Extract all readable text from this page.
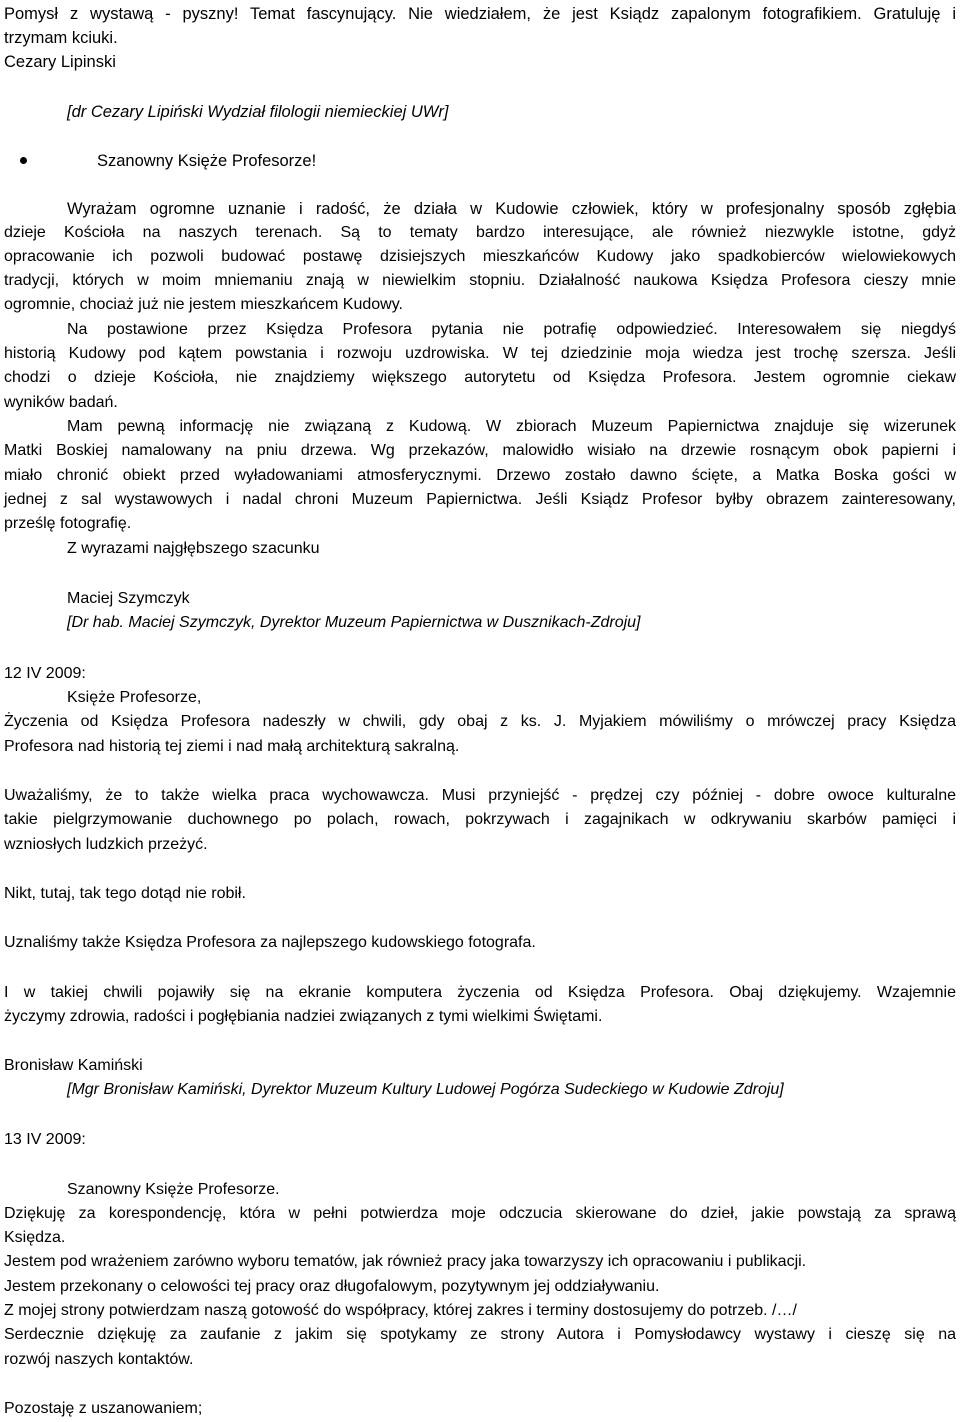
Pomysł z wystawą - pyszny! Temat fascynujący. Nie wiedziałem, że jest Ksiądz zapalonym fotografikiem. Gratuluję i
trzymam kciuki.
Cezary Lipinski
[dr Cezary Lipiński Wydział filologii niemieckiej UWr]
Szanowny Księże Profesorze!
Wyrażam ogromne uznanie i radość, że działa w Kudowie człowiek, który w profesjonalny sposób zgłębia
dzieje Kościoła na naszych terenach. Są to tematy bardzo interesujące, ale również niezwykle istotne, gdyż
opracowanie ich pozwoli budować postawę dzisiejszych mieszkańców Kudowy jako spadkobierców wielowiekowych
tradycji, których w moim mniemaniu znają w niewielkim stopniu. Działalność naukowa Księdza Profesora cieszy mnie
ogromnie, chociaż już nie jestem mieszkańcem Kudowy.
Na postawione przez Księdza Profesora pytania nie potrafię odpowiedzieć. Interesowałem się niegdyś
historią Kudowy pod kątem powstania i rozwoju uzdrowiska. W tej dziedzinie moja wiedza jest trochę szersza. Jeśli
chodzi o dzieje Kościoła, nie znajdziemy większego autorytetu od Księdza Profesora. Jestem ogromnie ciekaw
wyników badań.
Mam pewną informację nie związaną z Kudową. W zbiorach Muzeum Papiernictwa znajduje się wizerunek
Matki Boskiej namalowany na pniu drzewa. Wg przekazów, malowidło wisiało na drzewie rosnącym obok papierni i
miało chronić obiekt przed wyładowaniami atmosferycznymi. Drzewo zostało dawno ścięte, a Matka Boska gości w
jednej z sal wystawowych i nadal chroni Muzeum Papiernictwa. Jeśli Ksiądz Profesor byłby obrazem zainteresowany,
prześlę fotografię.
Z wyrazami najgłębszego szacunku
Maciej Szymczyk
[Dr hab. Maciej Szymczyk, Dyrektor Muzeum Papiernictwa w Dusznikach-Zdroju]
12 IV 2009:
Księże Profesorze,
Życzenia od Księdza Profesora nadeszły w chwili, gdy obaj z ks. J. Myjakiem mówiliśmy o mrówczej pracy Księdza
Profesora nad historią tej ziemi i nad małą architekturą sakralną.
Uważaliśmy, że to także wielka praca wychowawcza. Musi przyniejść - prędzej czy później - dobre owoce kulturalne
takie pielgrzymowanie duchownego po polach, rowach, pokrzywach i zagajnikach w odkrywaniu skarbów pamięci i
wzniosłych ludzkich przeżyć.
Nikt, tutaj, tak tego dotąd nie robił.
Uznaliśmy także Księdza Profesora za najlepszego kudowskiego fotografa.
I w takiej chwili pojawiły się na ekranie komputera życzenia od Księdza Profesora. Obaj dziękujemy. Wzajemnie
życzymy zdrowia, radości i pogłębiania nadziei związanych z tymi wielkimi Świętami.
Bronisław Kamiński
[Mgr Bronisław Kamiński, Dyrektor Muzeum Kultury Ludowej Pogórza Sudeckiego w Kudowie Zdroju]
13 IV 2009:
Szanowny Księże Profesorze.
Dziękuję za korespondencję, która w pełni potwierdza moje odczucia skierowane do dzieł, jakie powstają za sprawą
Księdza.
Jestem pod wrażeniem zarówno wyboru tematów, jak również pracy jaka towarzyszy ich opracowaniu i publikacji.
Jestem przekonany o celowości tej pracy oraz długofalowym, pozytywnym jej oddziaływaniu.
Z mojej strony potwierdzam naszą gotowość do współpracy, której zakres i terminy dostosujemy do potrzeb. /…/
Serdecznie dziękuję za zaufanie z jakim się spotykamy ze strony Autora i Pomysłodawcy wystawy i cieszę się na
rozwój naszych kontaktów.
Pozostaję z uszanowaniem;
